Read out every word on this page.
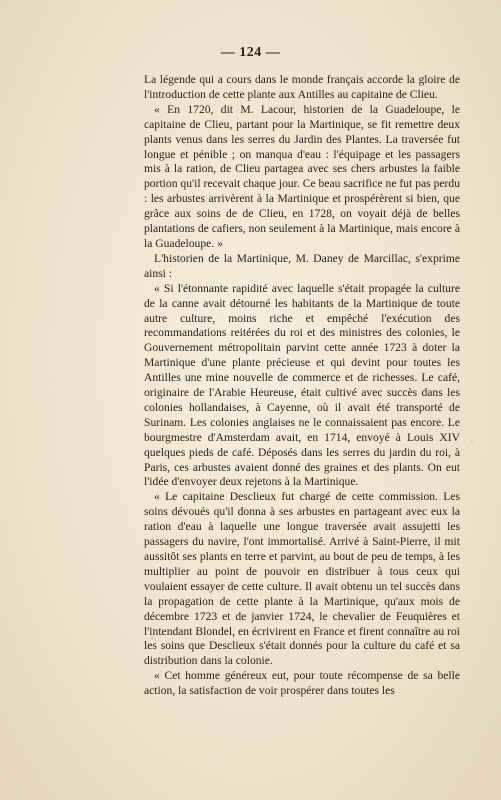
— 124 —

La légende qui a cours dans le monde français accorde la gloire de l'introduction de cette plante aux Antilles au capitaine de Clieu.

« En 1720, dit M. Lacour, historien de la Guadeloupe, le capitaine de Clieu, partant pour la Martinique, se fit remettre deux plants venus dans les serres du Jardin des Plantes. La traversée fut longue et pénible ; on manqua d'eau : l'équipage et les passagers mis à la ration, de Clieu partagea avec ses chers arbustes la faible portion qu'il recevait chaque jour. Ce beau sacrifice ne fut pas perdu : les arbustes arrivèrent à la Martinique et prospérèrent si bien, que grâce aux soins de de Clieu, en 1728, on voyait déjà de belles plantations de cafiers, non seulement à la Martinique, mais encore à la Guadeloupe. »

L'historien de la Martinique, M. Daney de Marcillac, s'exprime ainsi :

« Si l'étonnante rapidité avec laquelle s'était propagée la culture de la canne avait détourné les habitants de la Martinique de toute autre culture, moins riche et empêché l'exécution des recommandations reitérées du roi et des ministres des colonies, le Gouvernement métropolitain parvint cette année 1723 à doter la Martinique d'une plante précieuse et qui devint pour toutes les Antilles une mine nouvelle de commerce et de richesses. Le café, originaire de l'Arabie Heureuse, était cultivé avec succès dans les colonies hollandaises, à Cayenne, où il avait été transporté de Surinam. Les colonies anglaises ne le connaissaient pas encore. Le bourgmestre d'Amsterdam avait, en 1714, envoyé à Louis XIV quelques pieds de café. Déposés dans les serres du jardin du roi, à Paris, ces arbustes avaient donné des graines et des plants. On eut l'idée d'envoyer deux rejetons à la Martinique.

« Le capitaine Desclieux fut chargé de cette commission. Les soins dévoués qu'il donna à ses arbustes en partageant avec eux la ration d'eau à laquelle une longue traversée avait assujetti les passagers du navire, l'ont immortalisé. Arrivé à Saint-Pierre, il mit aussitôt ses plants en terre et parvint, au bout de peu de temps, à les multiplier au point de pouvoir en distribuer à tous ceux qui voulaient essayer de cette culture. Il avait obtenu un tel succès dans la propagation de cette plante à la Martinique, qu'aux mois de décembre 1723 et de janvier 1724, le chevalier de Feuquières et l'intendant Blondel, en écrivirent en France et firent connaître au roi les soins que Desclieux s'était donnés pour la culture du café et sa distribution dans la colonie.

« Cet homme généreux eut, pour toute récompense de sa belle action, la satisfaction de voir prospérer dans toutes les
